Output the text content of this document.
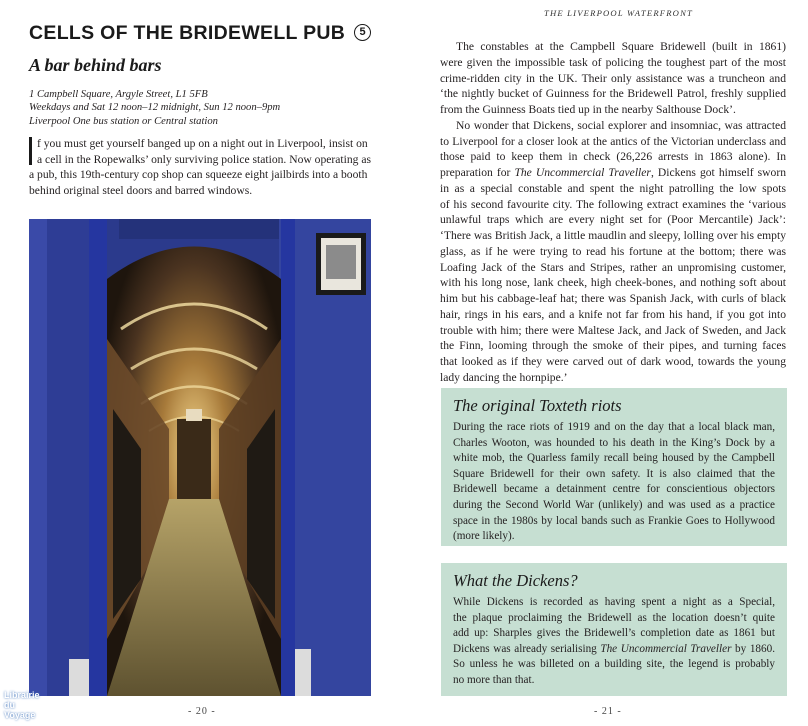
CELLS OF THE BRIDEWELL PUB	5
A bar behind bars
1 Campbell Square, Argyle Street, L1 5FB
Weekdays and Sat 12 noon–12 midnight, Sun 12 noon–9pm
Liverpool One bus station or Central station

f you must get yourself banged up on a night out in Liverpool, insist on
a cell in the Ropewalks’ only surviving police station. Now operating as
a pub, this 19th-century cop shop can squeeze eight jailbirds into a booth
behind original steel doors and barred windows.

- 20 -
THE LIVERPOOL WATERFRONT
The constables at the Campbell Square Bridewell (built in 1861)
were given the impossible task of policing the toughest part of the most
crime-ridden city in the UK. Their only assistance was a truncheon and
‘the nightly bucket of Guinness for the Bridewell Patrol, freshly supplied
from the Guinness Boats tied up in the nearby Salthouse Dock’.
No wonder that Dickens, social explorer and insomniac, was attracted
to Liverpool for a closer look at the antics of the Victorian underclass and
those paid to keep them in check (26,226 arrests in 1863 alone). In
preparation for The Uncommercial Traveller, Dickens got himself sworn
in as a special constable and spent the night patrolling the low spots
of his second favourite city. The following extract examines the ‘various
unlawful traps which are every night set for (Poor Mercantile) Jack’:
‘There was British Jack, a little maudlin and sleepy, lolling over his empty
glass, as if he were trying to read his fortune at the bottom; there was
Loafing Jack of the Stars and Stripes, rather an unpromising customer,
with his long nose, lank cheek, high cheek-bones, and nothing soft about
him but his cabbage-leaf hat; there was Spanish Jack, with curls of black
hair, rings in his ears, and a knife not far from his hand, if you got into
trouble with him; there were Maltese Jack, and Jack of Sweden, and Jack
the Finn, looming through the smoke of their pipes, and turning faces
that looked as if they were carved out of dark wood, towards the young
lady dancing the hornpipe.’
The original Toxteth riots
During the race riots of 1919 and on the day that a local black man,
Charles Wooton, was hounded to his death in the King’s Dock by a
white mob, the Quarless family recall being housed by the Campbell
Square Bridewell for their own safety. It is also claimed that the
Bridewell became a detainment centre for conscientious objectors
during the Second World War (unlikely) and was used as a practice
space in the 1980s by local bands such as Frankie Goes to Hollywood
(more likely).
What the Dickens?
While Dickens is recorded as having spent a night as a Special,
the plaque proclaiming the Bridewell as the location doesn’t quite
add up: Sharples gives the Bridewell’s completion date as 1861 but
Dickens was already serialising The Uncommercial Traveller by 1860.
So unless he was billeted on a building site, the legend is probably
no more than that.
- 21 -
Librairie du Voyage
